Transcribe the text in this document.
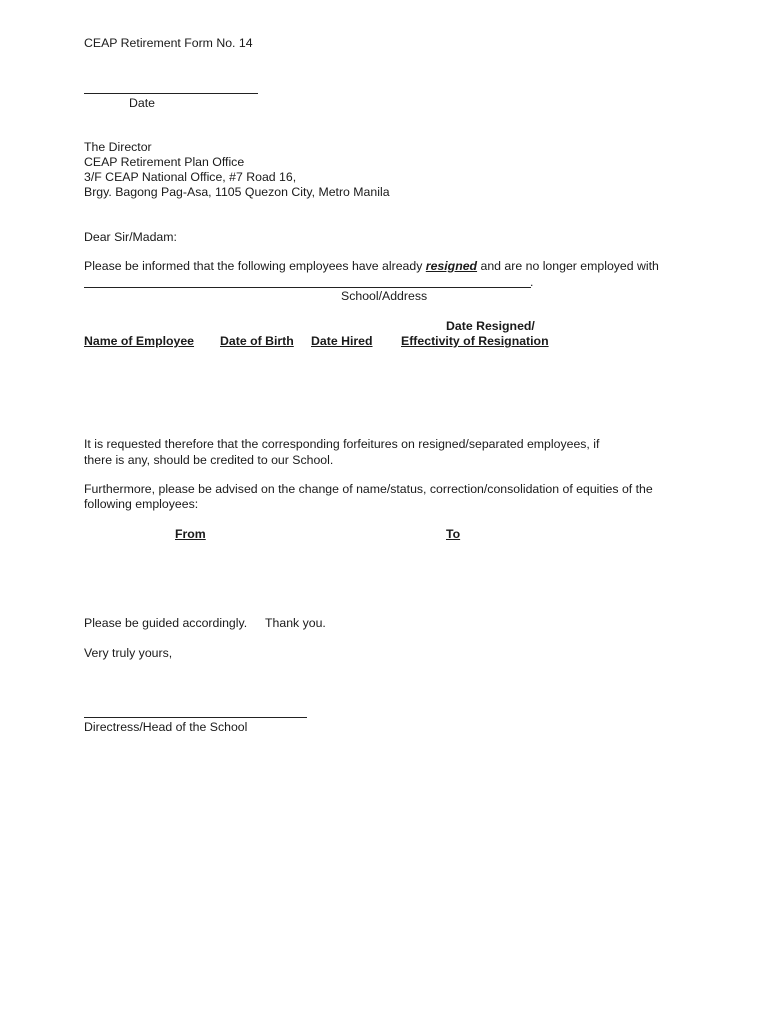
CEAP Retirement Form No. 14
Date
The Director
CEAP Retirement Plan Office
3/F CEAP National Office, #7 Road 16,
Brgy. Bagong Pag-Asa, 1105 Quezon City, Metro Manila
Dear Sir/Madam:
Please be informed that the following employees have already resigned and are no longer employed with
.
School/Address
Date Resigned/
Name of Employee Date of Birth Date Hired Effectivity of Resignation
It is requested therefore that the corresponding forfeitures on resigned/separated employees, if
there is any, should be credited to our School.
Furthermore, please be advised on the change of name/status, correction/consolidation of equities of the
following employees:
From	To
Please be guided accordingly. Thank you.
Very truly yours,
Directress/Head of the School
